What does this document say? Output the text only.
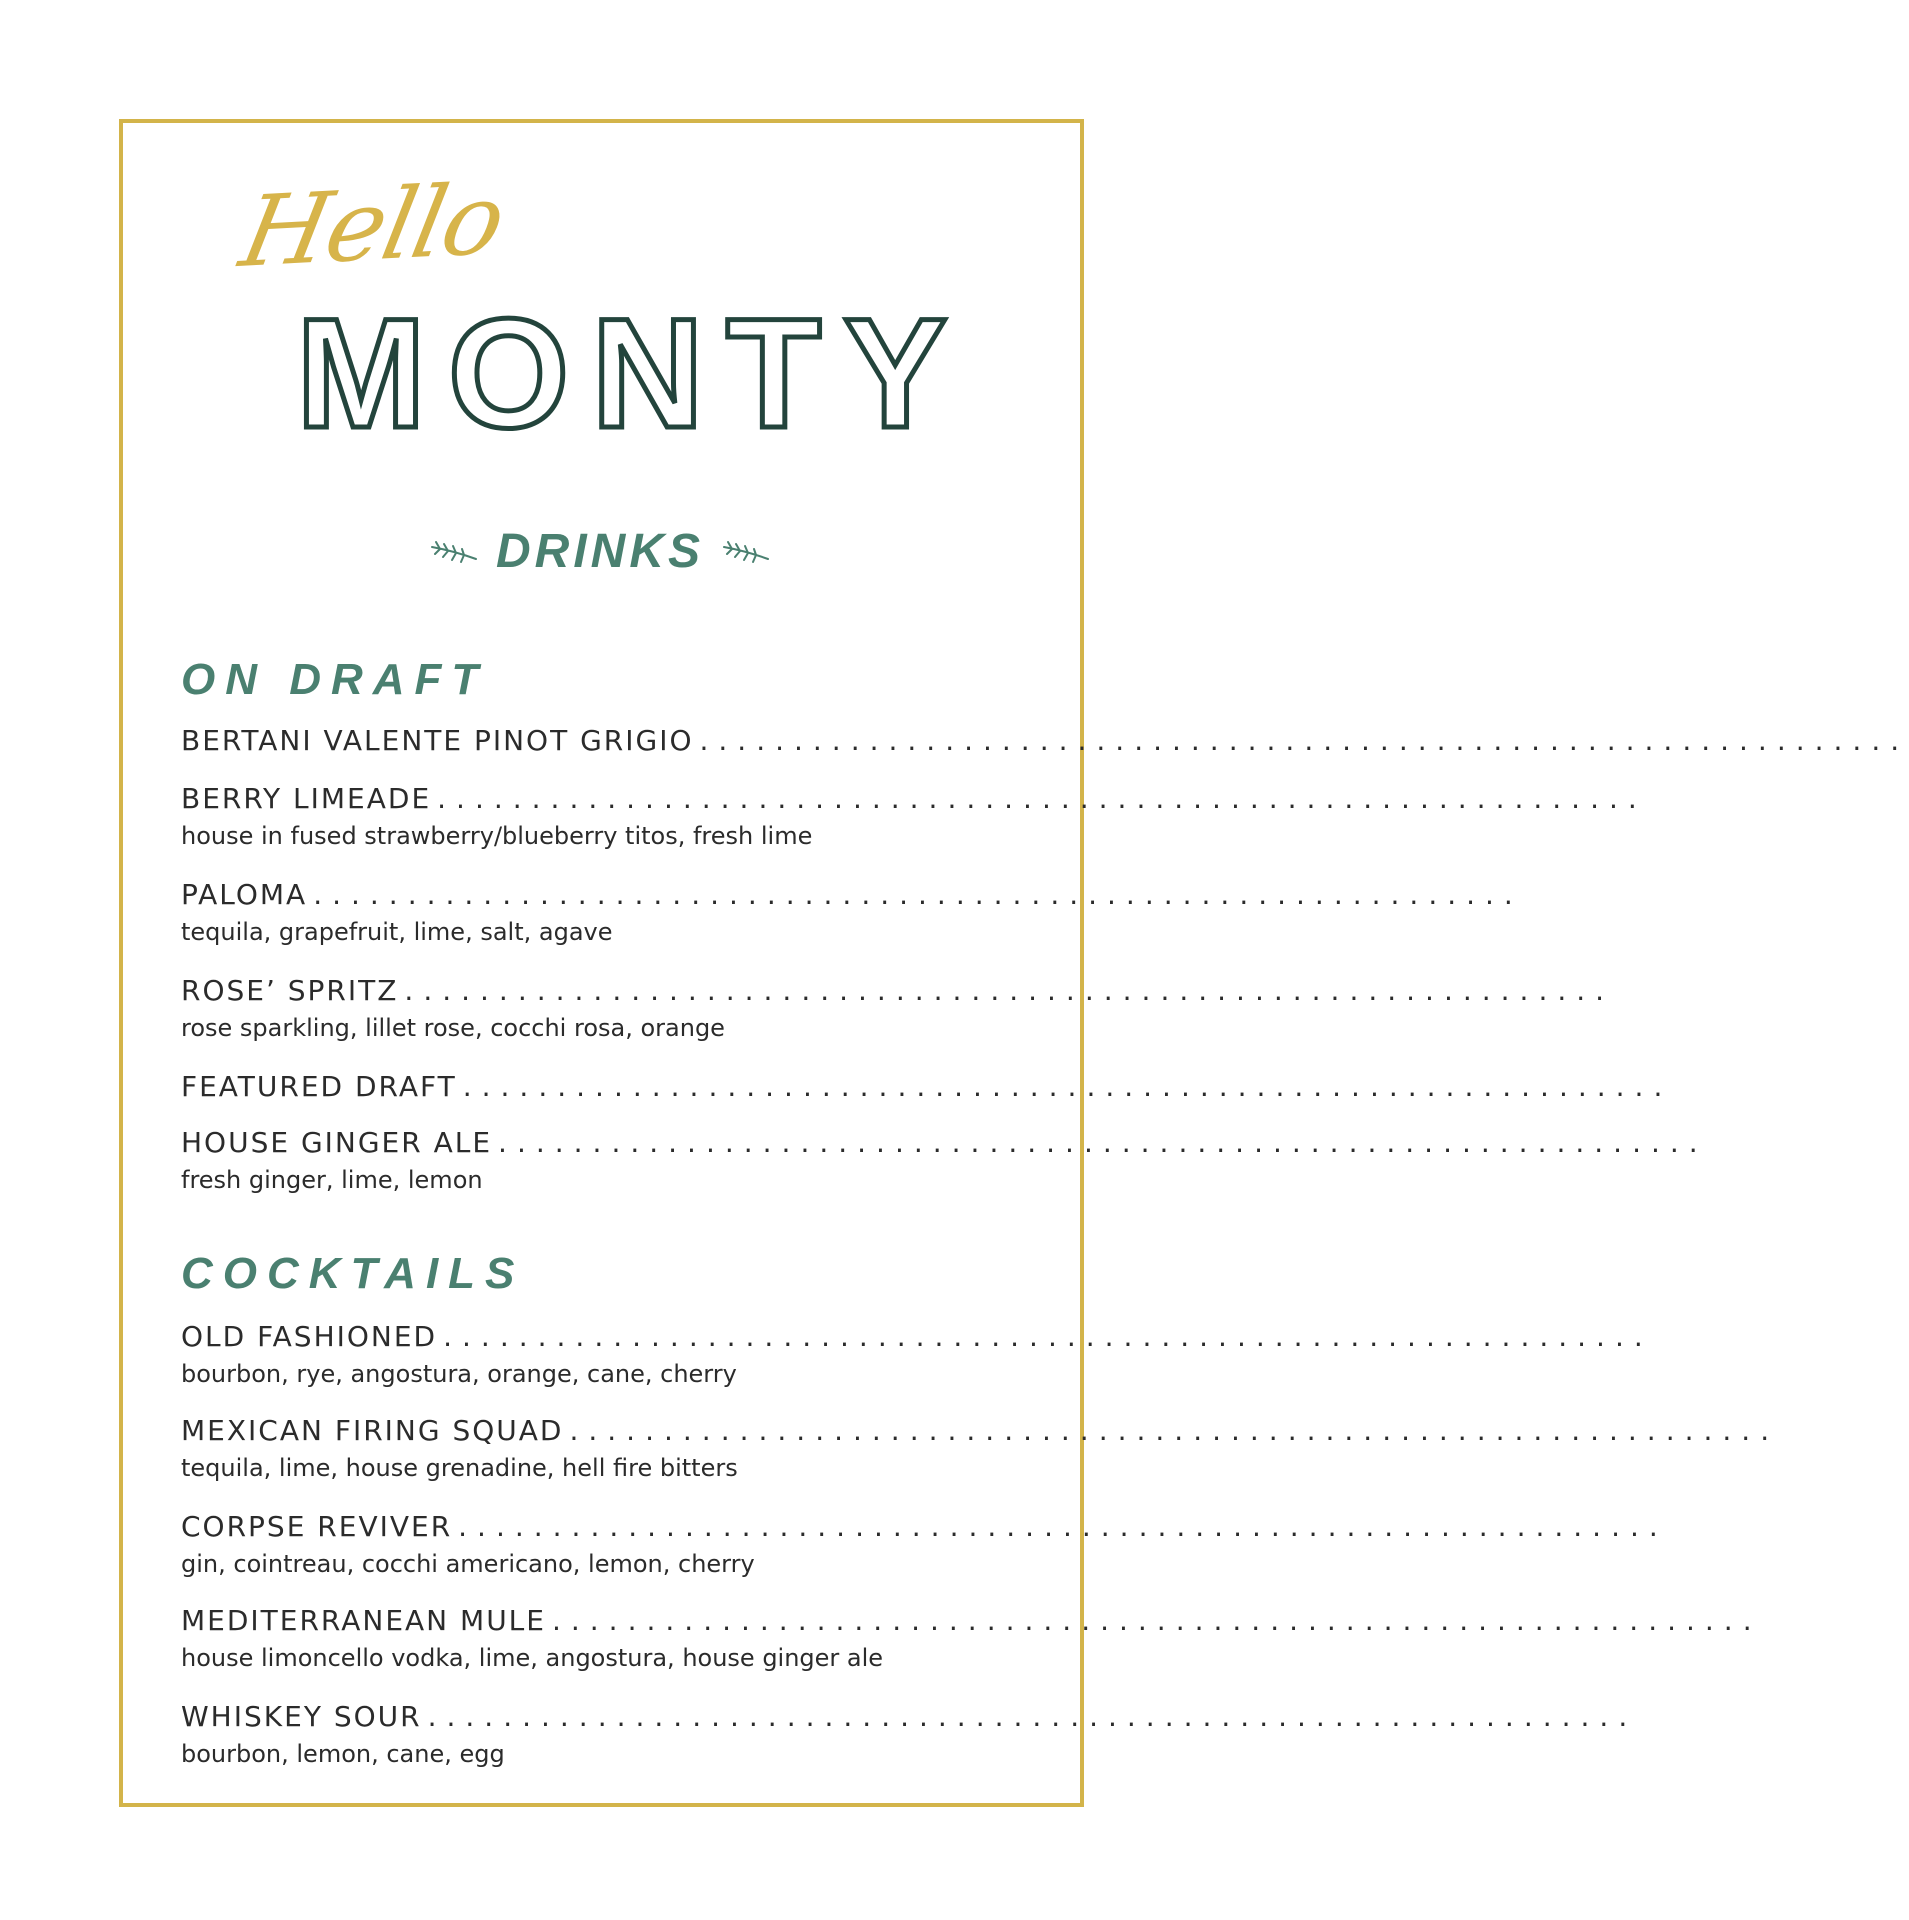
Hello
MONTY
DRINKS
ON DRAFT
BERTANI VALENTE PINOT GRIGIO ................................................................
BERRY LIMEADE ................................................................
house in fused strawberry/blueberry titos, fresh lime
PALOMA ................................................................
tequila, grapefruit, lime, salt, agave
ROSE’ SPRITZ ................................................................
rose sparkling, lillet rose, cocchi rosa, orange
FEATURED DRAFT ................................................................
HOUSE GINGER ALE ................................................................
fresh ginger, lime, lemon
COCKTAILS
OLD FASHIONED ................................................................
bourbon, rye, angostura, orange, cane, cherry
MEXICAN FIRING SQUAD ................................................................
tequila, lime, house grenadine, hell fire bitters
CORPSE REVIVER ................................................................
gin, cointreau, cocchi americano, lemon, cherry
MEDITERRANEAN MULE ................................................................
house limoncello vodka, lime, angostura, house ginger ale
WHISKEY SOUR ................................................................
bourbon, lemon, cane, egg
